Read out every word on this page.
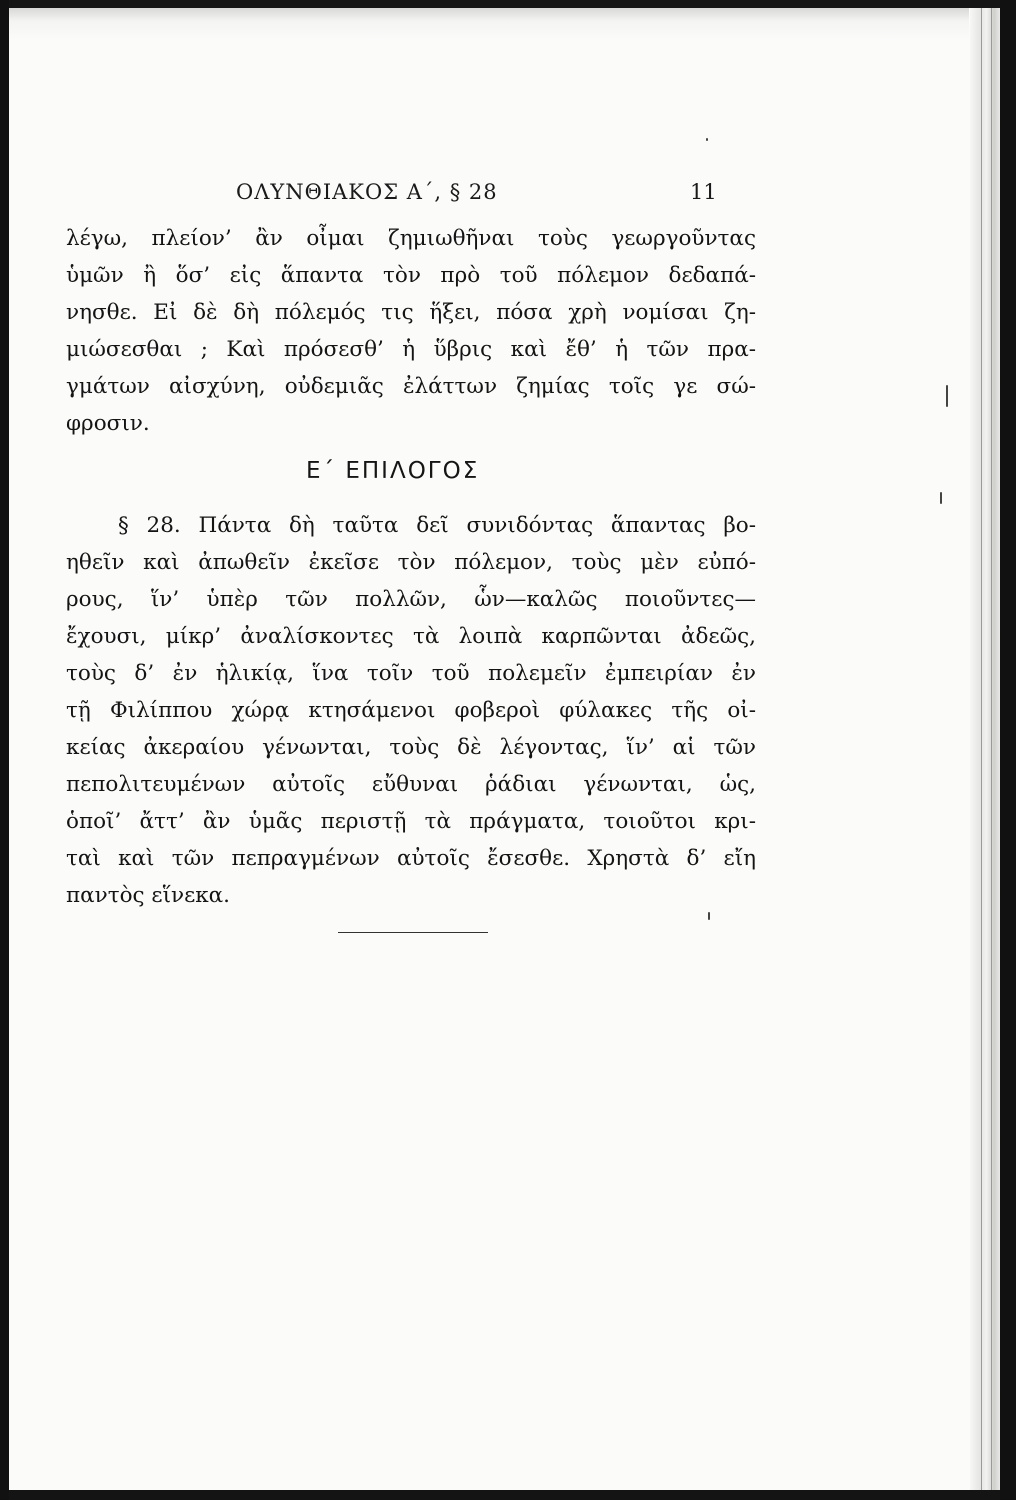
ΟΛΥΝΘΙΑΚΟΣ Α΄, § 28	11
λέγω, πλείον’ ἂν οἶμαι ζημιωθῆναι τοὺς γεωργοῦντας
ὑμῶν ἢ ὅσ’ εἰς ἅπαντα τὸν πρὸ τοῦ πόλεμον δεδαπά-
νησθε. Εἰ δὲ δὴ πόλεμός τις ἥξει, πόσα χρὴ νομίσαι ζη-
μιώσεσθαι ; Καὶ πρόσεσθ’ ἡ ὕβρις καὶ ἔθ’ ἡ τῶν πρα-
γμάτων αἰσχύνη, οὐδεμιᾶς ἐλάττων ζημίας τοῖς γε σώ-
φροσιν.
Ε΄ ΕΠΙΛΟΓΟΣ
§ 28. Πάντα δὴ ταῦτα δεῖ συνιδόντας ἅπαντας βο-
ηθεῖν καὶ ἀπωθεῖν ἐκεῖσε τὸν πόλεμον, τοὺς μὲν εὐπό-
ρους, ἵν’ ὑπὲρ τῶν πολλῶν, ὧν—καλῶς ποιοῦντες—
ἔχουσι, μίκρ’ ἀναλίσκοντες τὰ λοιπὰ καρπῶνται ἀδεῶς,
τοὺς δ’ ἐν ἡλικίᾳ, ἵνα τοῖν τοῦ πολεμεῖν ἐμπειρίαν ἐν
τῇ Φιλίππου χώρᾳ κτησάμενοι φοβεροὶ φύλακες τῆς οἰ-
κείας ἀκεραίου γένωνται, τοὺς δὲ λέγοντας, ἵν’ αἱ τῶν
πεπολιτευμένων αὐτοῖς εὔθυναι ῥάδιαι γένωνται, ὡς,
ὁποῖ’ ἄττ’ ἂν ὑμᾶς περιστῇ τὰ πράγματα, τοιοῦτοι κρι-
ταὶ καὶ τῶν πεπραγμένων αὐτοῖς ἔσεσθε. Χρηστὰ δ’ εἴη
παντὸς εἵνεκα.
